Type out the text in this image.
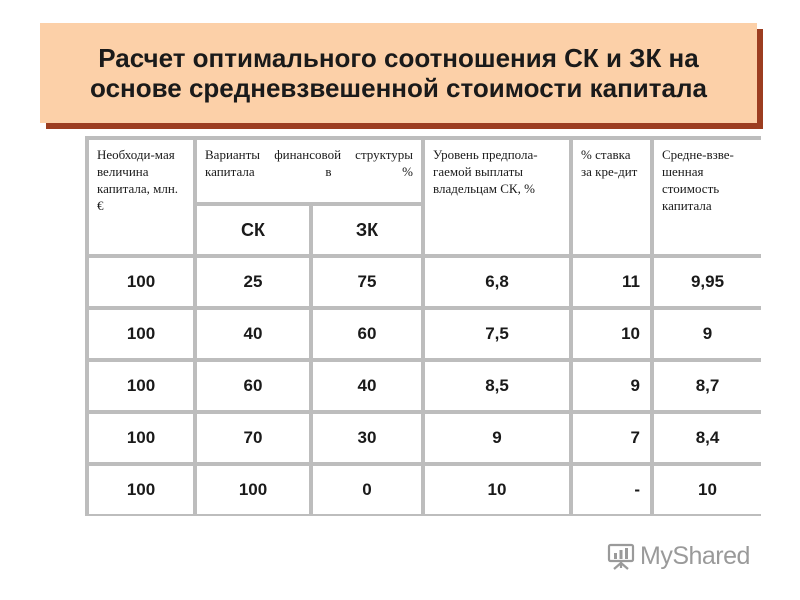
Расчет оптимального соотношения СК и ЗК на
основе средневзвешенной стоимости капитала
Необходи-мая величина капитала, млн. €	Варианты финансовой структуры капитала в %		Уровень предпола-гаемой выплаты владельцам СК, %	% ставка за кре-дит	Средне-взве-шенная стоимость капитала
	СК	ЗК			
100	25	75	6,8	11	9,95
100	40	60	7,5	10	9
100	60	40	8,5	9	8,7
100	70	30	9	7	8,4
100	100	0	10	-	10
MyShared
